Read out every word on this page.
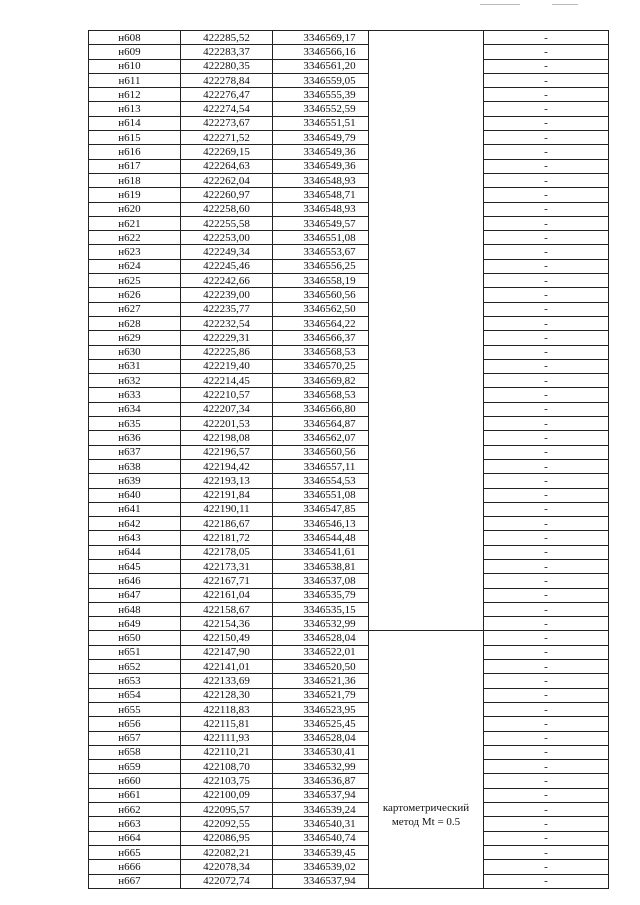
н608	422285,52	3346569,17		-
н609	422283,37	3346566,16		-
н610	422280,35	3346561,20		-
н611	422278,84	3346559,05		-
н612	422276,47	3346555,39		-
н613	422274,54	3346552,59		-
н614	422273,67	3346551,51		-
н615	422271,52	3346549,79		-
н616	422269,15	3346549,36		-
н617	422264,63	3346549,36		-
н618	422262,04	3346548,93		-
н619	422260,97	3346548,71		-
н620	422258,60	3346548,93		-
н621	422255,58	3346549,57		-
н622	422253,00	3346551,08		-
н623	422249,34	3346553,67		-
н624	422245,46	3346556,25		-
н625	422242,66	3346558,19		-
н626	422239,00	3346560,56		-
н627	422235,77	3346562,50		-
н628	422232,54	3346564,22		-
н629	422229,31	3346566,37		-
н630	422225,86	3346568,53		-
н631	422219,40	3346570,25		-
н632	422214,45	3346569,82		-
н633	422210,57	3346568,53		-
н634	422207,34	3346566,80		-
н635	422201,53	3346564,87		-
н636	422198,08	3346562,07		-
н637	422196,57	3346560,56		-
н638	422194,42	3346557,11		-
н639	422193,13	3346554,53		-
н640	422191,84	3346551,08		-
н641	422190,11	3346547,85		-
н642	422186,67	3346546,13		-
н643	422181,72	3346544,48		-
н644	422178,05	3346541,61		-
н645	422173,31	3346538,81		-
н646	422167,71	3346537,08		-
н647	422161,04	3346535,79		-
н648	422158,67	3346535,15		-
н649	422154,36	3346532,99		-
н650	422150,49	3346528,04	картометрический метод Mt = 0.5	-
н651	422147,90	3346522,01		-
н652	422141,01	3346520,50		-
н653	422133,69	3346521,36		-
н654	422128,30	3346521,79		-
н655	422118,83	3346523,95		-
н656	422115,81	3346525,45		-
н657	422111,93	3346528,04		-
н658	422110,21	3346530,41		-
н659	422108,70	3346532,99		-
н660	422103,75	3346536,87		-
н661	422100,09	3346537,94		-
н662	422095,57	3346539,24		-
н663	422092,55	3346540,31		-
н664	422086,95	3346540,74		-
н665	422082,21	3346539,45		-
н666	422078,34	3346539,02		-
н667	422072,74	3346537,94		-
